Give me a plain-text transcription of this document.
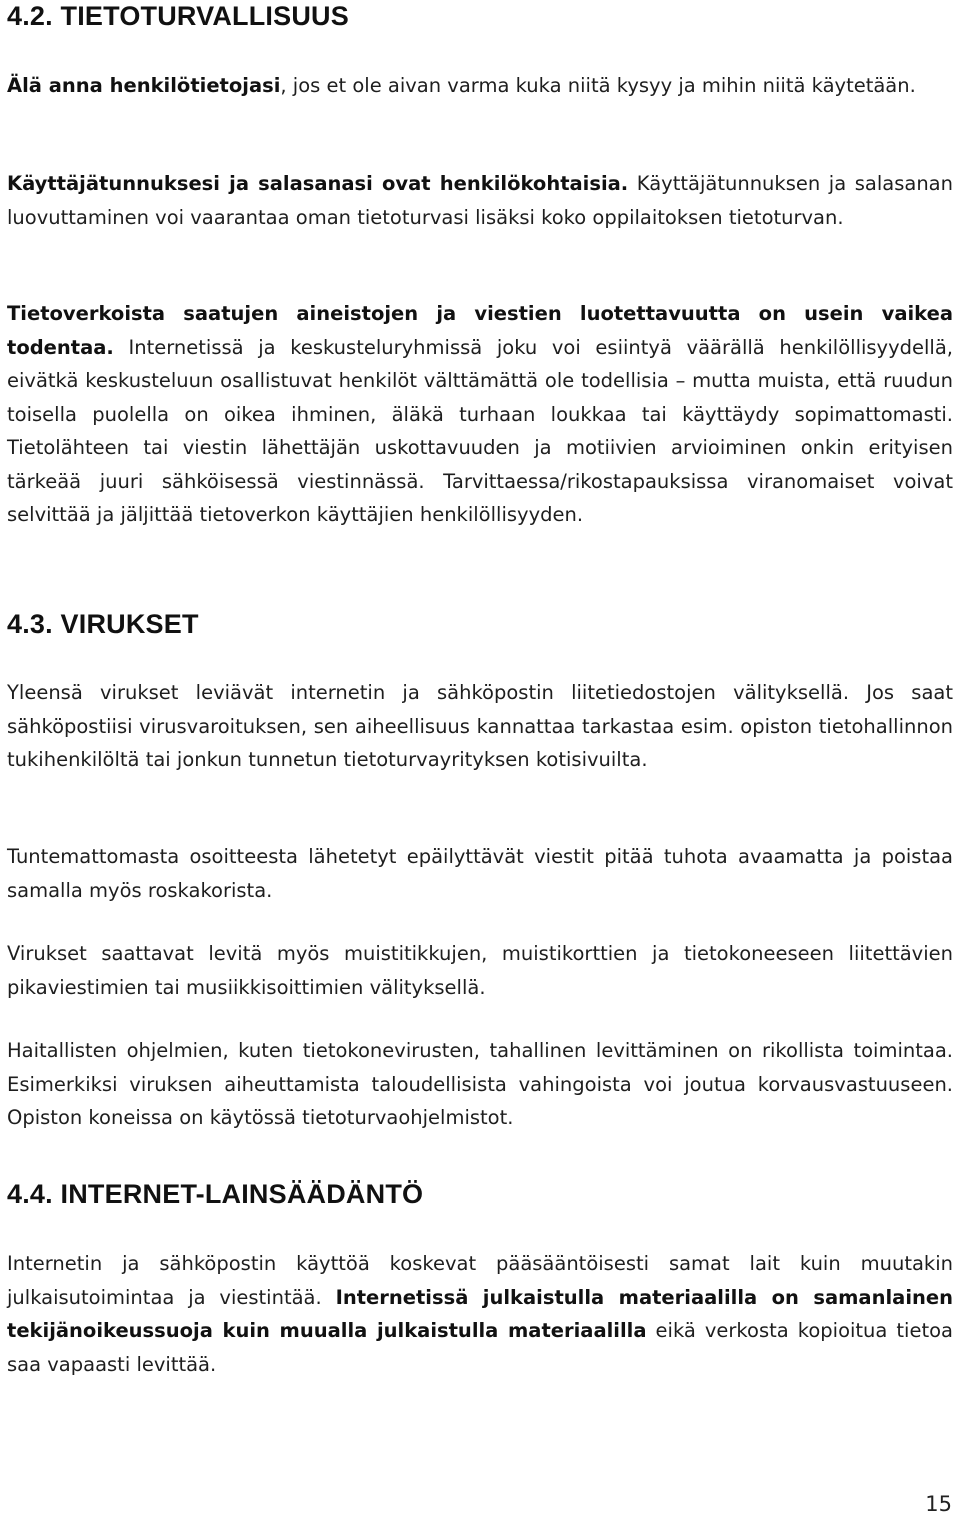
4.2. TIETOTURVALLISUUS

Älä anna henkilötietojasi, jos et ole aivan varma kuka niitä kysyy ja mihin niitä käytetään.

Käyttäjätunnuksesi ja salasanasi ovat henkilökohtaisia. Käyttäjätunnuksen ja salasanan luovuttaminen voi vaarantaa oman tietoturvasi lisäksi koko oppilaitoksen tietoturvan.

Tietoverkoista saatujen aineistojen ja viestien luotettavuutta on usein vaikea todentaa. Internetissä ja keskusteluryhmissä joku voi esiintyä väärällä henkilöllisyydellä, eivätkä keskusteluun osallistuvat henkilöt välttämättä ole todellisia – mutta muista, että ruudun toisella puolella on oikea ihminen, äläkä turhaan loukkaa tai käyttäydy sopimattomasti. Tietolähteen tai viestin lähettäjän uskottavuuden ja motiivien arvioiminen onkin erityisen tärkeää juuri sähköisessä viestinnässä. Tarvittaessa/rikostapauksissa viranomaiset voivat selvittää ja jäljittää tietoverkon käyttäjien henkilöllisyyden.

4.3. VIRUKSET

Yleensä virukset leviävät internetin ja sähköpostin liitetiedostojen välityksellä. Jos saat sähköpostiisi virusvaroituksen, sen aiheellisuus kannattaa tarkastaa esim. opiston tietohallinnon tukihenkilöltä tai jonkun tunnetun tietoturvayrityksen kotisivuilta.

Tuntemattomasta osoitteesta lähetetyt epäilyttävät viestit pitää tuhota avaamatta ja poistaa samalla myös roskakorista.

Virukset saattavat levitä myös muistitikkujen, muistikorttien ja tietokoneeseen liitettävien pikaviestimien tai musiikkisoittimien välityksellä.

Haitallisten ohjelmien, kuten tietokonevirusten, tahallinen levittäminen on rikollista toimintaa. Esimerkiksi viruksen aiheuttamista taloudellisista vahingoista voi joutua korvausvastuuseen. Opiston koneissa on käytössä tietoturvaohjelmistot.

4.4. INTERNET-LAINSÄÄDÄNTÖ

Internetin ja sähköpostin käyttöä koskevat pääsääntöisesti samat lait kuin muutakin julkaisutoimintaa ja viestintää. Internetissä julkaistulla materiaalilla on samanlainen tekijänoikeussuoja kuin muualla julkaistulla materiaalilla eikä verkosta kopioitua tietoa saa vapaasti levittää.

15
